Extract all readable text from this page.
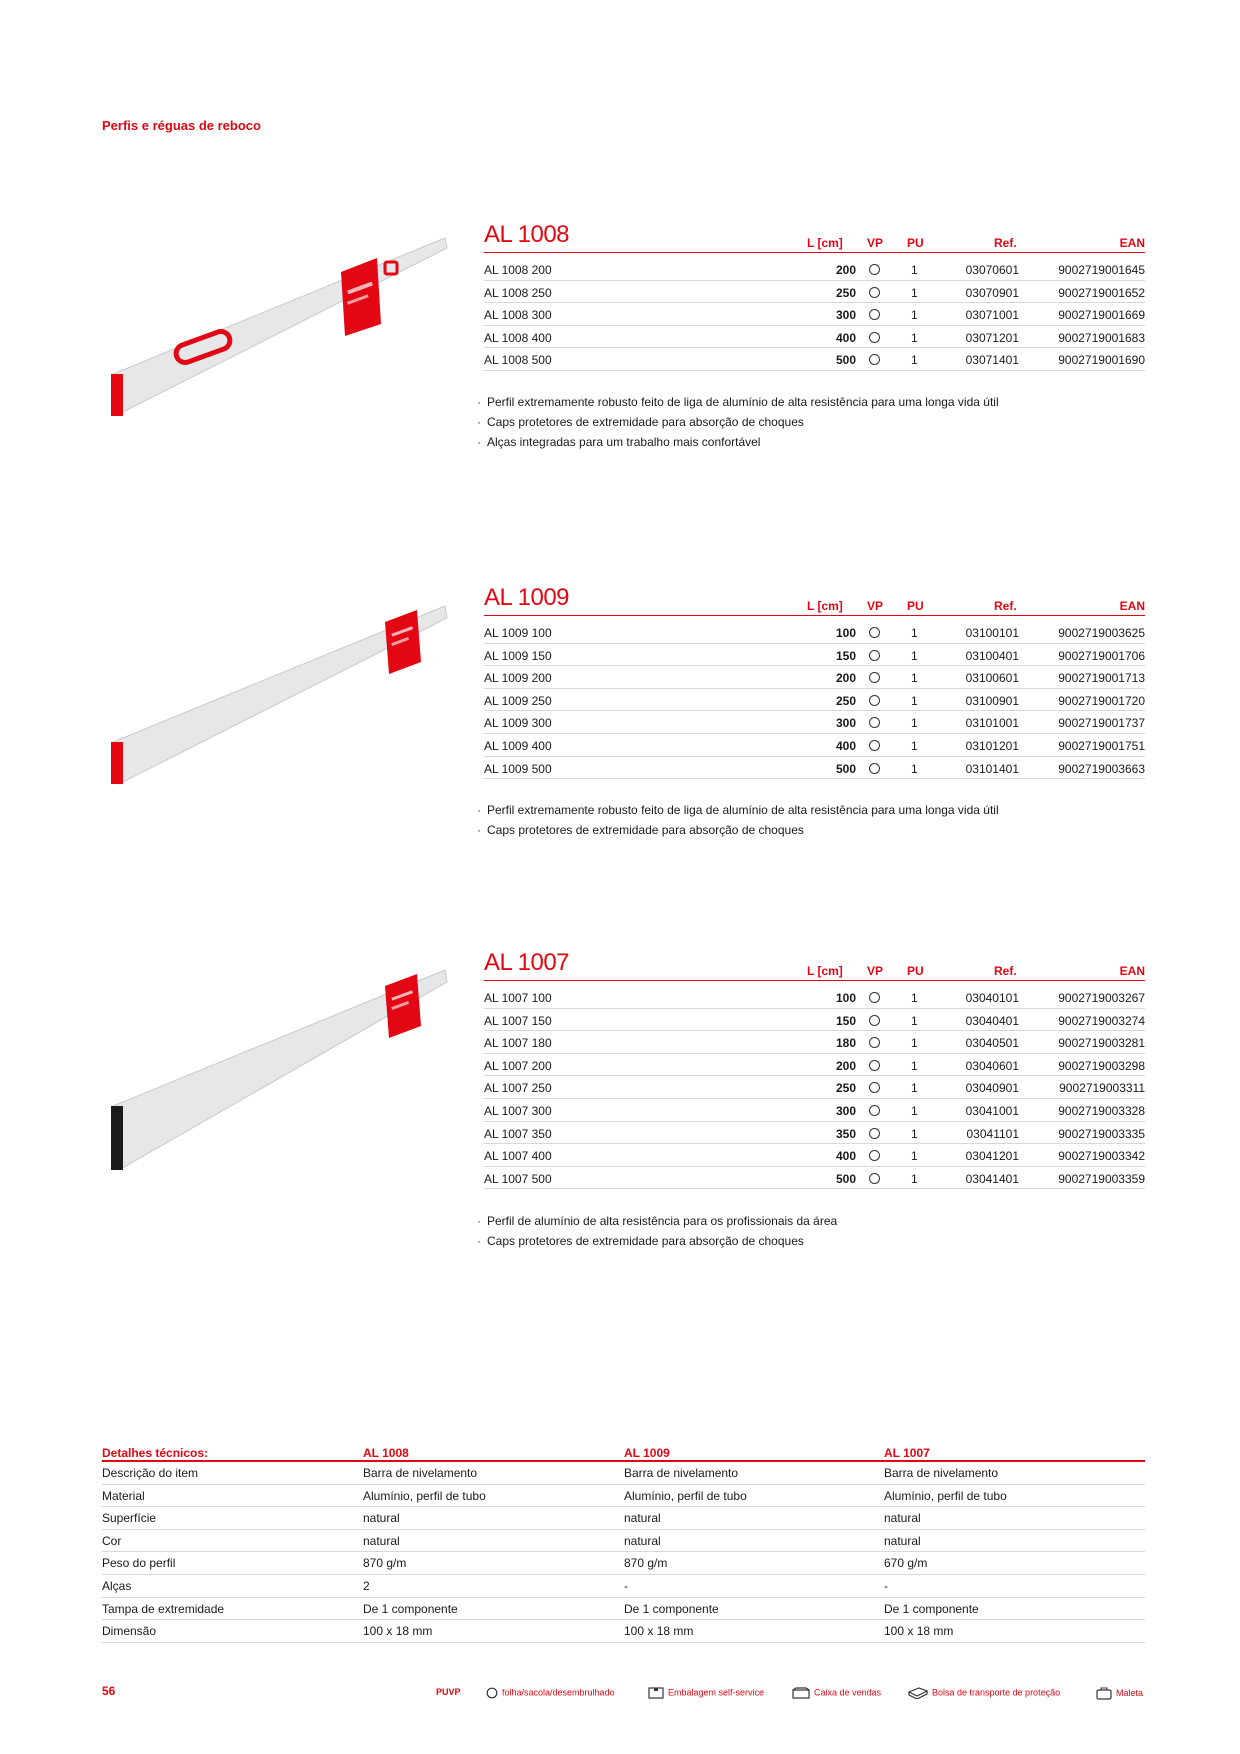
Perfis e réguas de reboco
AL 1008	L [cm] VP PU	Ref.	EAN
AL 1008 200	200	1	03070601	9002719001645
AL 1008 250	250	1	03070901	9002719001652
AL 1008 300	300	1	03071001	9002719001669
AL 1008 400	400	1	03071201	9002719001683
AL 1008 500	500	1	03071401	9002719001690
· Perfil extremamente robusto feito de liga de alumínio de alta resistência para uma longa vida útil
· Caps protetores de extremidade para absorção de choques
· Alças integradas para um trabalho mais confortável
AL 1009	L [cm] VP PU	Ref.	EAN
AL 1009 100	100	1	03100101	9002719003625
AL 1009 150	150	1	03100401	9002719001706
AL 1009 200	200	1	03100601	9002719001713
AL 1009 250	250	1	03100901	9002719001720
AL 1009 300	300	1	03101001	9002719001737
AL 1009 400	400	1	03101201	9002719001751
AL 1009 500	500	1	03101401	9002719003663
· Perfil extremamente robusto feito de liga de alumínio de alta resistência para uma longa vida útil
· Caps protetores de extremidade para absorção de choques
AL 1007	L [cm] VP PU	Ref.	EAN
AL 1007 100	100	1	03040101	9002719003267
AL 1007 150	150	1	03040401	9002719003274
AL 1007 180	180	1	03040501	9002719003281
AL 1007 200	200	1	03040601	9002719003298
AL 1007 250	250	1	03040901	9002719003311
AL 1007 300	300	1	03041001	9002719003328
AL 1007 350	350	1	03041101	9002719003335
AL 1007 400	400	1	03041201	9002719003342
AL 1007 500	500	1	03041401	9002719003359
· Perfil de alumínio de alta resistência para os profissionais da área
· Caps protetores de extremidade para absorção de choques
Detalhes técnicos:	AL 1008	AL 1009	AL 1007
Descrição do item	Barra de nivelamento	Barra de nivelamento	Barra de nivelamento
Material	Alumínio, perfil de tubo	Alumínio, perfil de tubo	Alumínio, perfil de tubo
Superfície	natural	natural	natural
Cor	natural	natural	natural
Peso do perfil	870 g/m	870 g/m	670 g/m
Alças	2	-	-
Tampa de extremidade	De 1 componente	De 1 componente	De 1 componente
Dimensão	100 x 18 mm	100 x 18 mm	100 x 18 mm
56	PUVP	folha/sacola/desembrulhado	Embalagem self-service	Caixa de vendas	Bolsa de transporte de proteção	Maleta
